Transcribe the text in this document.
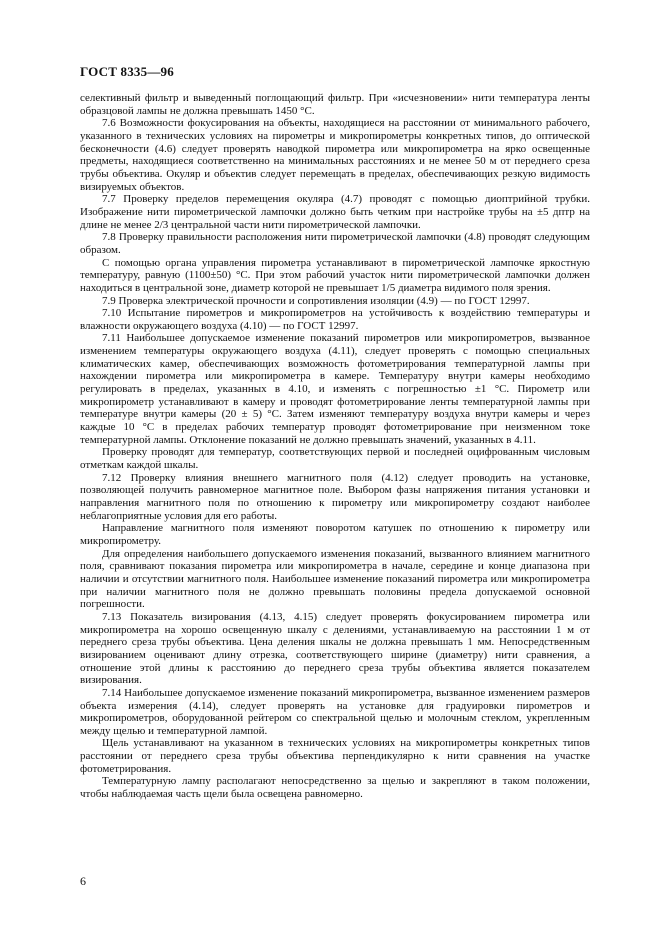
ГОСТ 8335—96

селективный фильтр и выведенный поглощающий фильтр. При «исчезновении» нити температура ленты образцовой лампы не должна превышать 1450 °С.

7.6 Возможности фокусирования на объекты, находящиеся на расстоянии от минимального рабочего, указанного в технических условиях на пирометры и микропирометры конкретных типов, до оптической бесконечности (4.6) следует проверять наводкой пирометра или микропирометра на ярко освещенные предметы, находящиеся соответственно на минимальных расстояниях и не менее 50 м от переднего среза трубы объектива. Окуляр и объектив следует перемещать в пределах, обеспечивающих резкую видимость визируемых объектов.

7.7 Проверку пределов перемещения окуляра (4.7) проводят с помощью диоптрийной трубки. Изображение нити пирометрической лампочки должно быть четким при настройке трубы на ±5 дптр на длине не менее 2/3 центральной части нити пирометрической лампочки.

7.8 Проверку правильности расположения нити пирометрической лампочки (4.8) проводят следующим образом.

С помощью органа управления пирометра устанавливают в пирометрической лампочке яркостную температуру, равную (1100±50) °С. При этом рабочий участок нити пирометрической лампочки должен находиться в центральной зоне, диаметр которой не превышает 1/5 диаметра видимого поля зрения.

7.9 Проверка электрической прочности и сопротивления изоляции (4.9) — по ГОСТ 12997.

7.10 Испытание пирометров и микропирометров на устойчивость к воздействию температуры и влажности окружающего воздуха (4.10) — по ГОСТ 12997.

7.11 Наибольшее допускаемое изменение показаний пирометров или микропирометров, вызванное изменением температуры окружающего воздуха (4.11), следует проверять с помощью специальных климатических камер, обеспечивающих возможность фотометрирования температурной лампы при нахождении пирометра или микропирометра в камере. Температуру внутри камеры необходимо регулировать в пределах, указанных в 4.10, и изменять с погрешностью ±1 °С. Пирометр или микропирометр устанавливают в камеру и проводят фотометрирование ленты температурной лампы при температуре внутри камеры (20 ± 5) °С. Затем изменяют температуру воздуха внутри камеры и через каждые 10 °С в пределах рабочих температур проводят фотометрирование при неизменном токе температурной лампы. Отклонение показаний не должно превышать значений, указанных в 4.11.

Проверку проводят для температур, соответствующих первой и последней оцифрованным числовым отметкам каждой шкалы.

7.12 Проверку влияния внешнего магнитного поля (4.12) следует проводить на установке, позволяющей получить равномерное магнитное поле. Выбором фазы напряжения питания установки и направления магнитного поля по отношению к пирометру или микропирометру создают наиболее неблагоприятные условия для его работы.

Направление магнитного поля изменяют поворотом катушек по отношению к пирометру или микропирометру.

Для определения наибольшего допускаемого изменения показаний, вызванного влиянием магнитного поля, сравнивают показания пирометра или микропирометра в начале, середине и конце диапазона при наличии и отсутствии магнитного поля. Наибольшее изменение показаний пирометра или микропирометра при наличии магнитного поля не должно превышать половины предела допускаемой основной погрешности.

7.13 Показатель визирования (4.13, 4.15) следует проверять фокусированием пирометра или микропирометра на хорошо освещенную шкалу с делениями, устанавливаемую на расстоянии 1 м от переднего среза трубы объектива. Цена деления шкалы не должна превышать 1 мм. Непосредственным визированием оценивают длину отрезка, соответствующего ширине (диаметру) нити сравнения, а отношение этой длины к расстоянию до переднего среза трубы объектива является показателем визирования.

7.14 Наибольшее допускаемое изменение показаний микропирометра, вызванное изменением размеров объекта измерения (4.14), следует проверять на установке для градуировки пирометров и микропирометров, оборудованной рейтером со спектральной щелью и молочным стеклом, укрепленным между щелью и температурной лампой.

Щель устанавливают на указанном в технических условиях на микропирометры конкретных типов расстоянии от переднего среза трубы объектива перпендикулярно к нити сравнения на участке фотометрирования.

Температурную лампу располагают непосредственно за щелью и закрепляют в таком положении, чтобы наблюдаемая часть щели была освещена равномерно.

6
